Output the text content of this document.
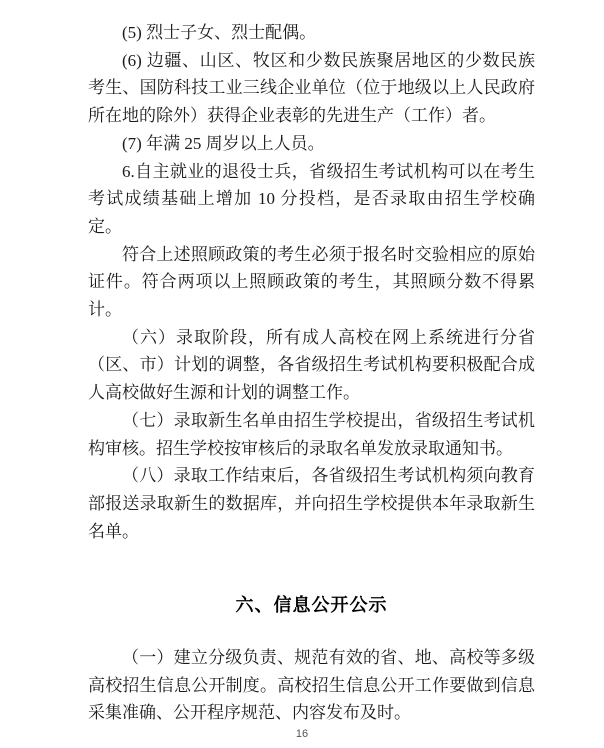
(5) 烈士子女、烈士配偶。

(6) 边疆、山区、牧区和少数民族聚居地区的少数民族考生、国防科技工业三线企业单位（位于地级以上人民政府所在地的除外）获得企业表彰的先进生产（工作）者。

(7) 年满 25 周岁以上人员。

6.自主就业的退役士兵，省级招生考试机构可以在考生考试成绩基础上增加 10 分投档，是否录取由招生学校确定。

符合上述照顾政策的考生必须于报名时交验相应的原始证件。符合两项以上照顾政策的考生，其照顾分数不得累计。

（六）录取阶段，所有成人高校在网上系统进行分省（区、市）计划的调整，各省级招生考试机构要积极配合成人高校做好生源和计划的调整工作。

（七）录取新生名单由招生学校提出，省级招生考试机构审核。招生学校按审核后的录取名单发放录取通知书。

（八）录取工作结束后，各省级招生考试机构须向教育部报送录取新生的数据库，并向招生学校提供本年录取新生名单。

六、信息公开公示

（一）建立分级负责、规范有效的省、地、高校等多级高校招生信息公开制度。高校招生信息公开工作要做到信息采集准确、公开程序规范、内容发布及时。

16
